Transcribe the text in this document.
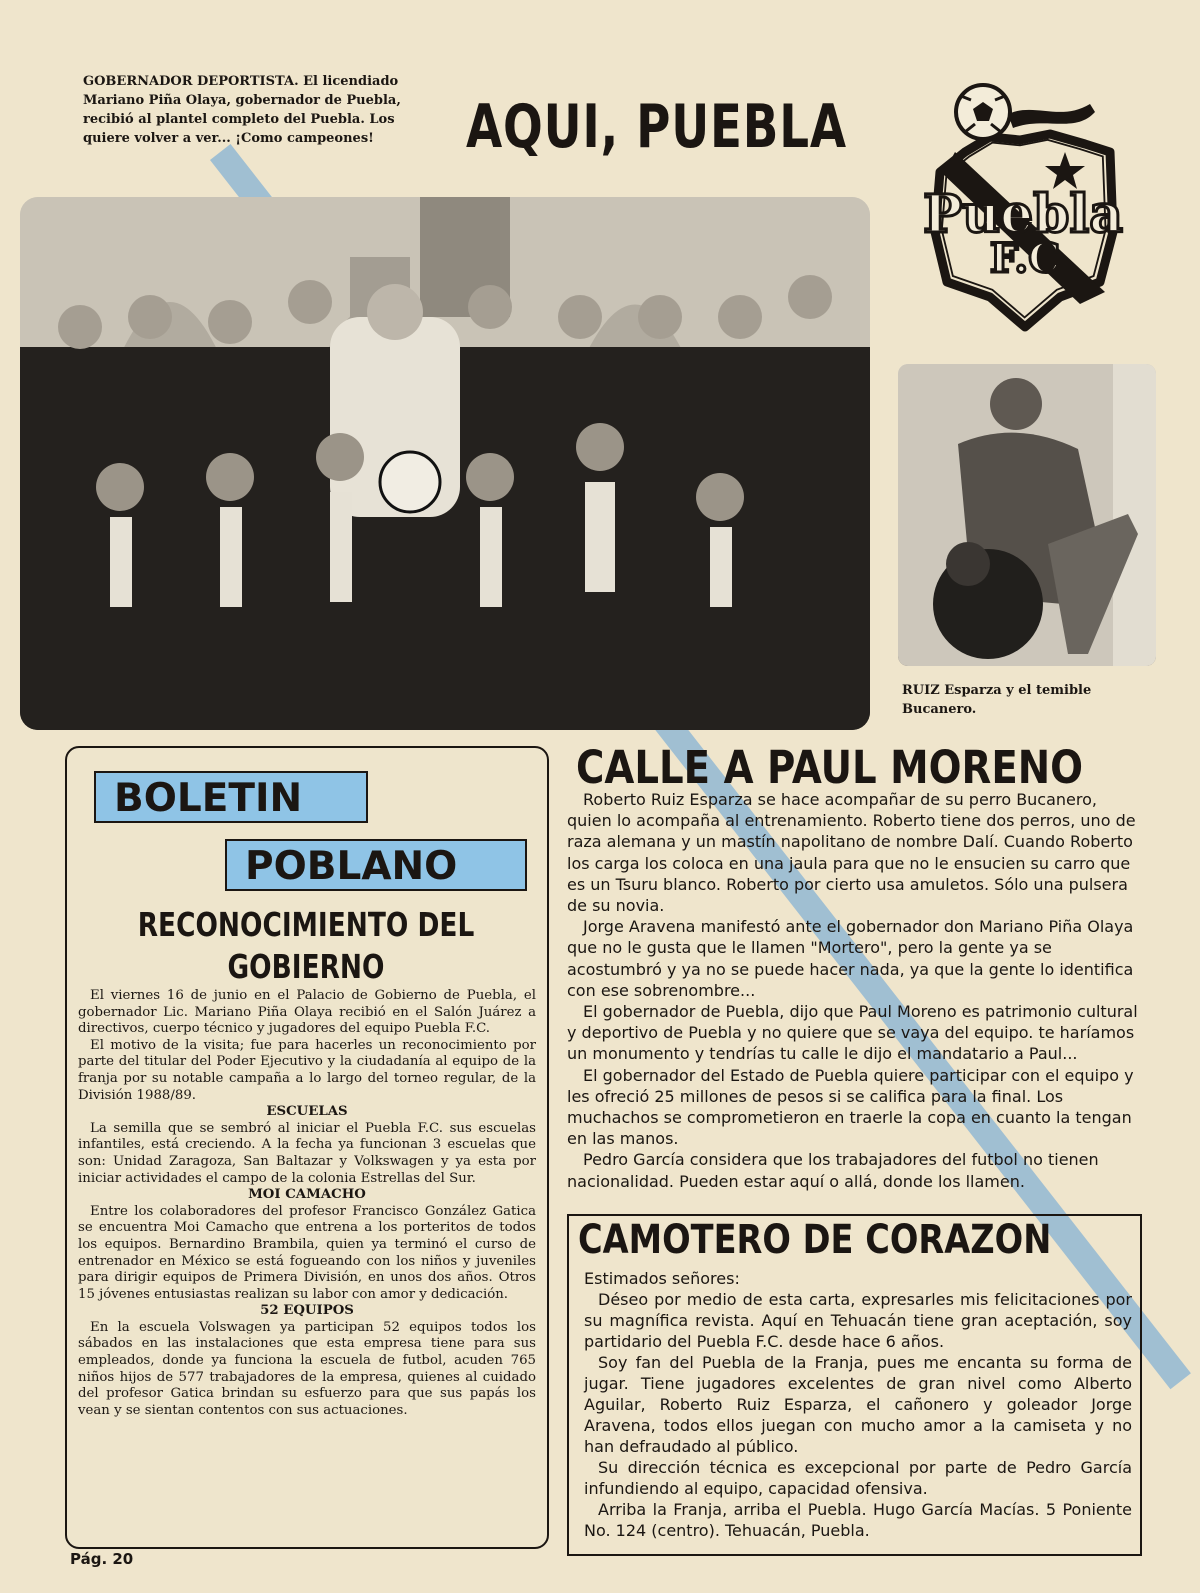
GOBERNADOR DEPORTISTA. El licendiado Mariano Piña Olaya, gobernador de Puebla, recibió al plantel completo del Puebla. Los quiere volver a ver... ¡Como campeones!	AQUI, PUEBLA
Puebla
F.C
RUIZ Esparza y el temible Bucanero.
BOLETIN
POBLANO
RECONOCIMIENTO DEL GOBIERNO

El viernes 16 de junio en el Palacio de Gobierno de Puebla, el gobernador Lic. Mariano Piña Olaya recibió en el Salón Juárez a directivos, cuerpo técnico y jugadores del equipo Puebla F.C.

El motivo de la visita; fue para hacerles un reconocimiento por parte del titular del Poder Ejecutivo y la ciudadanía al equipo de la franja por su notable campaña a lo largo del torneo regular, de la División 1988/89.

ESCUELAS

La semilla que se sembró al iniciar el Puebla F.C. sus escuelas infantiles, está creciendo. A la fecha ya funcionan 3 escuelas que son: Unidad Zaragoza, San Baltazar y Volkswagen y ya esta por iniciar actividades el campo de la colonia Estrellas del Sur.

MOI CAMACHO

Entre los colaboradores del profesor Francisco González Gatica se encuentra Moi Camacho que entrena a los porteritos de todos los equipos. Bernardino Brambila, quien ya terminó el curso de entrenador en México se está fogueando con los niños y juveniles para dirigir equipos de Primera División, en unos dos años. Otros 15 jóvenes entusiastas realizan su labor con amor y dedicación.

52 EQUIPOS

En la escuela Volswagen ya participan 52 equipos todos los sábados en las instalaciones que esta empresa tiene para sus empleados, donde ya funciona la escuela de futbol, acuden 765 niños hijos de 577 trabajadores de la empresa, quienes al cuidado del profesor Gatica brindan su esfuerzo para que sus papás los vean y se sientan contentos con sus actuaciones.

CALLE A PAUL MORENO

Roberto Ruiz Esparza se hace acompañar de su perro Bucanero, quien lo acompaña al entrenamiento. Roberto tiene dos perros, uno de raza alemana y un mastín napolitano de nombre Dalí. Cuando Roberto los carga los coloca en una jaula para que no le ensucien su carro que es un Tsuru blanco. Roberto por cierto usa amuletos. Sólo una pulsera de su novia.

Jorge Aravena manifestó ante el gobernador don Mariano Piña Olaya que no le gusta que le llamen "Mortero", pero la gente ya se acostumbró y ya no se puede hacer nada, ya que la gente lo identifica con ese sobrenombre...

El gobernador de Puebla, dijo que Paul Moreno es patrimonio cultural y deportivo de Puebla y no quiere que se vaya del equipo. te haríamos un monumento y tendrías tu calle le dijo el mandatario a Paul...

El gobernador del Estado de Puebla quiere participar con el equipo y les ofreció 25 millones de pesos si se califica para la final. Los muchachos se comprometieron en traerle la copa en cuanto la tengan en las manos.

Pedro García considera que los trabajadores del futbol no tienen nacionalidad. Pueden estar aquí o allá, donde los llamen.

CAMOTERO DE CORAZON

Estimados señores:

Déseo por medio de esta carta, expresarles mis felicitaciones por su magnífica revista. Aquí en Tehuacán tiene gran aceptación, soy partidario del Puebla F.C. desde hace 6 años.

Soy fan del Puebla de la Franja, pues me encanta su forma de jugar. Tiene jugadores excelentes de gran nivel como Alberto Aguilar, Roberto Ruiz Esparza, el cañonero y goleador Jorge Aravena, todos ellos juegan con mucho amor a la camiseta y no han defraudado al público.

Su dirección técnica es excepcional por parte de Pedro García infundiendo al equipo, capacidad ofensiva.

Arriba la Franja, arriba el Puebla. Hugo García Macías. 5 Poniente No. 124 (centro). Tehuacán, Puebla.

Pág. 20
